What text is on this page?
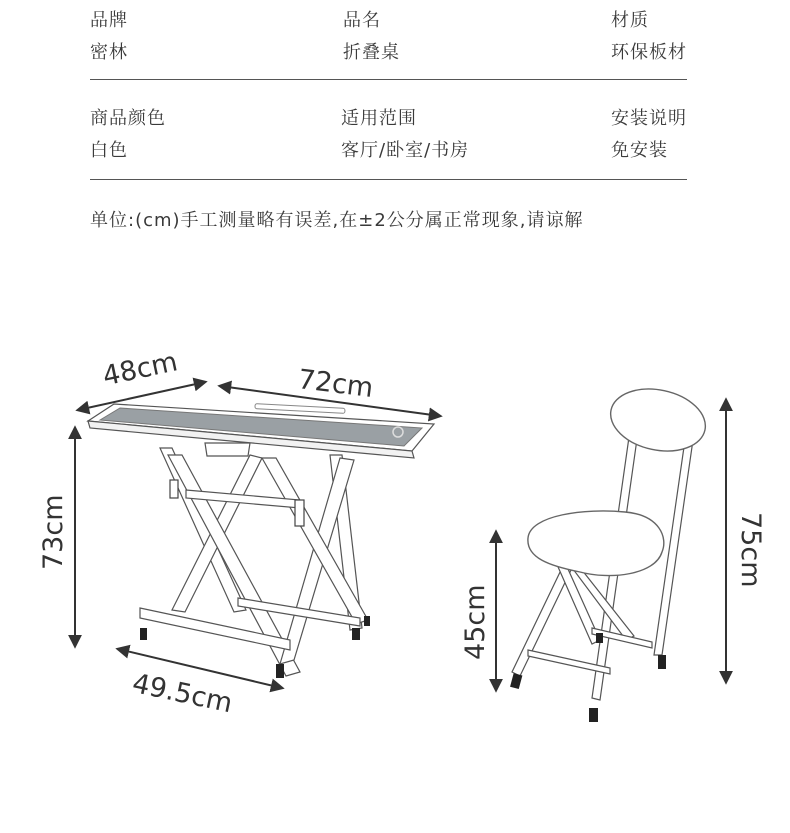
品牌
密林
品名
折叠桌
材质
环保板材
商品颜色
白色
适用范围
客厅/卧室/书房
安装说明
免安装
单位:(cm)手工测量略有误差,在±2公分属正常现象,请谅解
48cm	72cm
73cm
49.5cm
45cm
75cm
